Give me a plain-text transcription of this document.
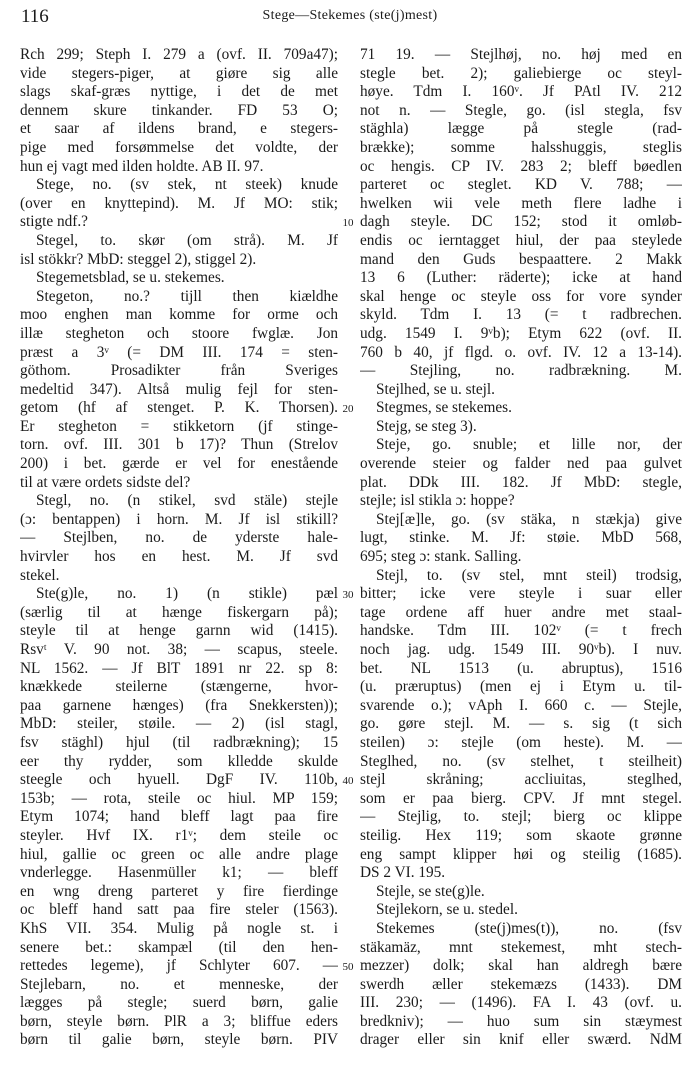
116	Stege—Stekemes (ste(j)mest)
Rch 299; Steph I. 279 a (ovf. II. 709a47);
vide stegers-piger, at giøre sig alle
slags skaf-græs nyttige, i det de met
dennem skure tinkander. FD 53 O;
et saar af ildens brand, e stegers-
pige med forsømmelse det voldte, der
hun ej vagt med ilden holdte. AB II. 97.
Stege, no. (sv stek, nt steek) knude
(over en knyttepind). M. Jf MO: stik;
stigte ndf.?
Stegel, to. skør (om strå). M. Jf
isl stökkr? MbD: steggel 2), stiggel 2).
Stegemetsblad, se u. stekemes.
Stegeton, no.? tijll then kiældhe
moo enghen man komme for orme och
illæ stegheton och stoore fwglæ. Jon
præst a 3ᵛ (= DM III. 174 = sten-
göthom. Prosadikter från Sveriges
medeltid 347). Altså mulig fejl for sten-
getom (hf af stenget. P. K. Thorsen).
Er stegheton = stikketorn (jf stinge-
torn. ovf. III. 301 b 17)? Thun (Strelov
200) i bet. gærde er vel for enestående
til at være ordets sidste del?
Stegl, no. (n stikel, svd stäle) stejle
(ɔ: bentappen) i horn. M. Jf isl stikill?
— Stejlben, no. de yderste hale-
hvirvler hos en hest. M. Jf svd
stekel.
Ste(g)le, no. 1) (n stikle) pæl
(særlig til at hænge fiskergarn på);
steyle til at henge garnn wid (1415).
Rsvᵗ V. 90 not. 38; — scapus, steele.
NL 1562. — Jf BlT 1891 nr 22. sp 8:
knækkede steilerne (stængerne, hvor-
paa garnene hænges) (fra Snekkersten));
MbD: steiler, støile. — 2) (isl stagl,
fsv stäghl) hjul (til radbrækning); 15
eer thy rydder, som klledde skulde
steegle och hyuell. DgF IV. 110b,
153b; — rota, steile oc hiul. MP 159;
Etym 1074; hand bleff lagt paa fire
steyler. Hvf IX. r1ᵛ; dem steile oc
hiul, gallie oc green oc alle andre plage
vnderlegge. Hasenmüller k1; — bleff
en wng dreng parteret y fire fierdinge
oc bleff hand satt paa fire steler (1563).
KhS VII. 354. Mulig på nogle st. i
senere bet.: skampæl (til den hen-
rettedes legeme), jf Schlyter 607. —
Stejlebarn, no. et menneske, der
lægges på stegle; suerd børn, galie
børn, steyle børn. PlR a 3; bliffue eders
børn til galie børn, steyle børn. PIV
71 19. — Stejlhøj, no. høj med en
stegle bet. 2); galiebierge oc steyl-
høye. Tdm I. 160ᵛ. Jf PAtl IV. 212
not n. — Stegle, go. (isl stegla, fsv
stäghla) lægge på stegle (rad-
brække); somme halsshuggis, steglis
oc hengis. CP IV. 283 2; bleff bøedlen
parteret oc steglet. KD V. 788; —
hwelken wii vele meth flere ladhe i
dagh steyle. DC 152; stod it omløb-
endis oc ierntagget hiul, der paa steylede
mand den Guds bespaattere. 2 Makk
13 6 (Luther: räderte); icke at hand
skal henge oc steyle oss for vore synder
skyld. Tdm I. 13 (= t radbrechen.
udg. 1549 I. 9ᵛb); Etym 622 (ovf. II.
760 b 40, jf flgd. o. ovf. IV. 12 a 13-14).
— Stejling, no. radbrækning. M.
Stejlhed, se u. stejl.
Stegmes, se stekemes.
Stejg, se steg 3).
Steje, go. snuble; et lille nor, der
overende steier og falder ned paa gulvet
plat. DDk III. 182. Jf MbD: stegle,
stejle; isl stikla ɔ: hoppe?
Stej[æ]le, go. (sv stäka, n stækja) give
lugt, stinke. M. Jf: støie. MbD 568,
695; steg ɔ: stank. Salling.
Stejl, to. (sv stel, mnt steil) trodsig,
bitter; icke vere steyle i suar eller
tage ordene aff huer andre met staal-
handske. Tdm III. 102ᵛ (= t frech
noch jag. udg. 1549 III. 90ᵛb). I nuv.
bet. NL 1513 (u. abruptus), 1516
(u. præruptus) (men ej i Etym u. til-
svarende o.); vAph I. 660 c. — Stejle,
go. gøre stejl. M. — s. sig (t sich
steilen) ɔ: stejle (om heste). M. —
Steglhed, no. (sv stelhet, t steilheit)
stejl skråning; accliuitas, steglhed,
som er paa bierg. CPV. Jf mnt stegel.
— Stejlig, to. stejl; bierg oc klippe
steilig. Hex 119; som skaote grønne
eng sampt klipper høi og steilig (1685).
DS 2 VI. 195.
Stejle, se ste(g)le.
Stejlekorn, se u. stedel.
Stekemes (ste(j)mes(t)), no. (fsv
stäkamäz, mnt stekemest, mht stech-
mezzer) dolk; skal han aldregh bære
swerdh æller stekemæzs (1433). DM
III. 230; — (1496). FA I. 43 (ovf. u.
bredkniv); — huo sum sin stæymest
drager eller sin knif eller swærd. NdM
10
20
30
40
50
